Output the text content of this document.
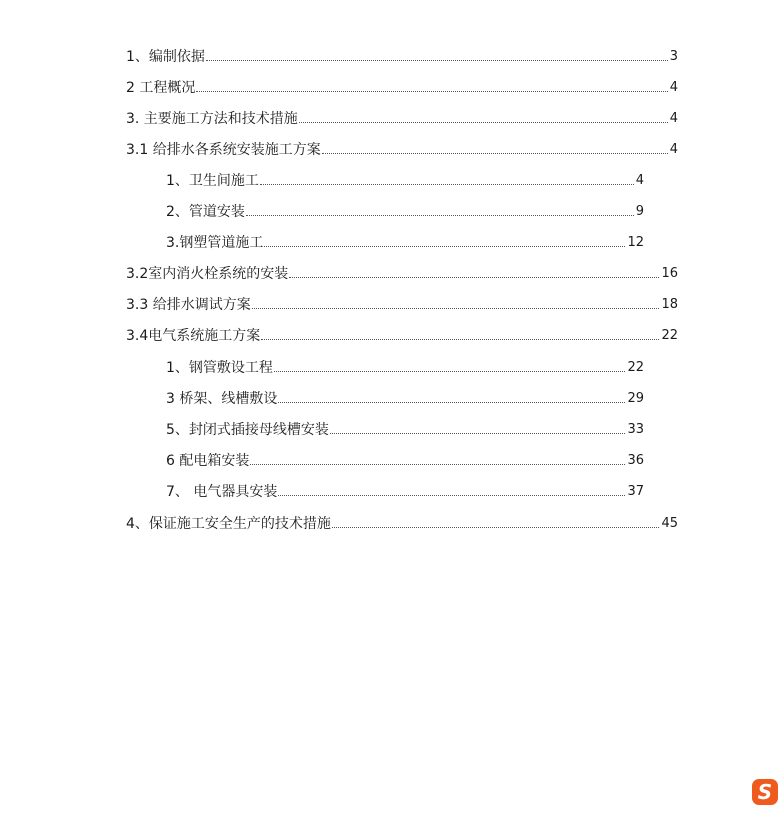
1、编制依据	3
2 工程概况	4
3. 主要施工方法和技术措施	4
3.1 给排水各系统安装施工方案	4
1、卫生间施工	4
2、管道安装	9
3.钢塑管道施工	12
3.2室内消火栓系统的安装	16
3.3 给排水调试方案	18
3.4电气系统施工方案	22
1、钢管敷设工程	22
3 桥架、线槽敷设	29
5、封闭式插接母线槽安装	33
6 配电箱安装	36
7、 电气器具安装	37
4、保证施工安全生产的技术措施	45
S
